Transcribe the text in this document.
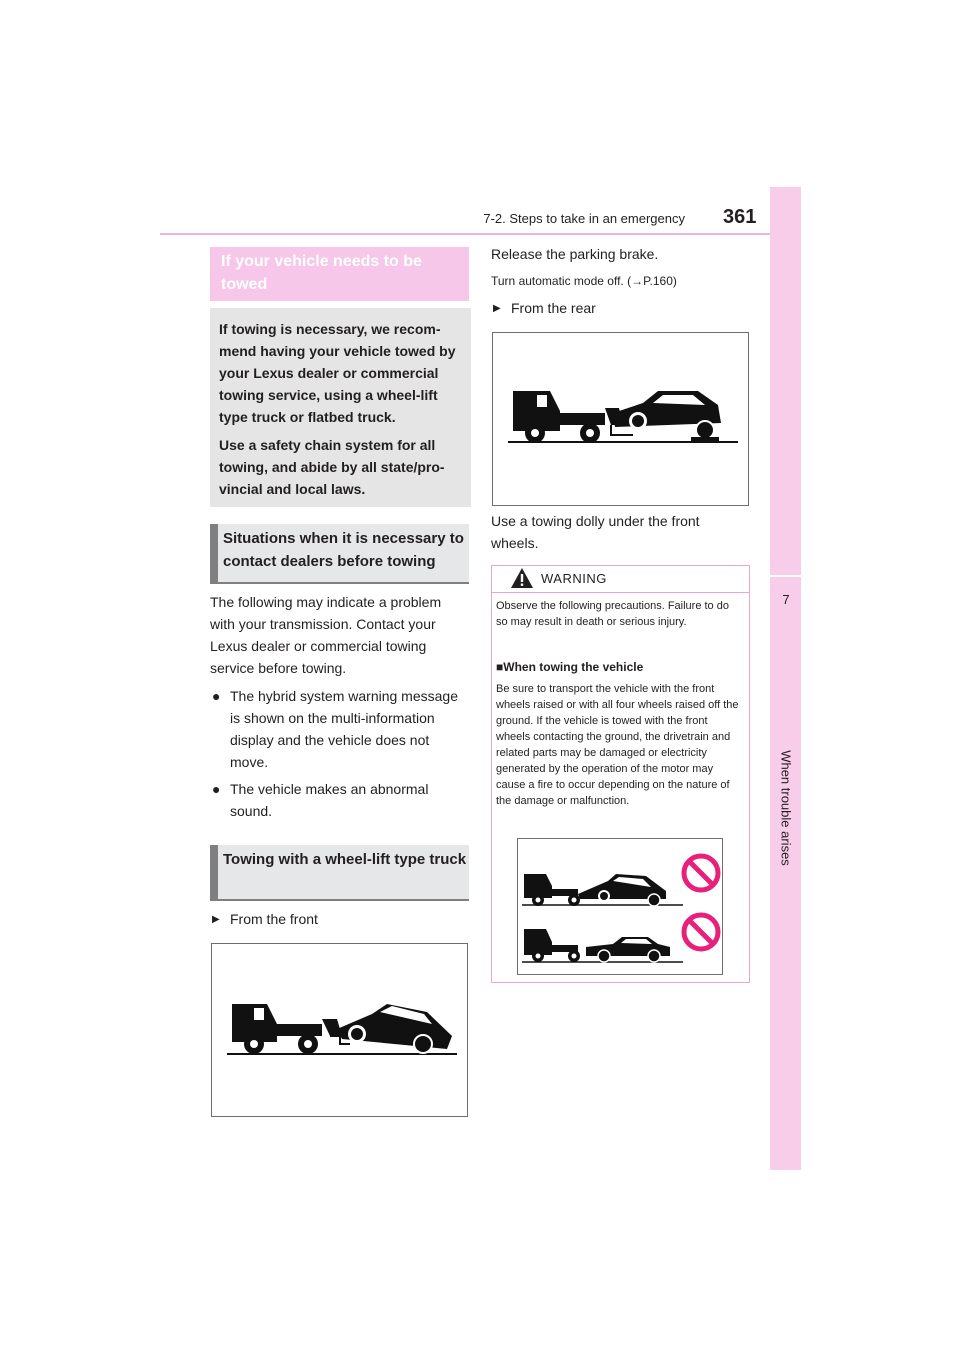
7-2. Steps to take in an emergency 361
7
When trouble arises
If your vehicle needs to be towed

If towing is necessary, we recom-mend having your vehicle towed by your Lexus dealer or commercial towing service, using a wheel-lift type truck or flatbed truck.

Use a safety chain system for all towing, and abide by all state/pro-vincial and local laws.

Situations when it is necessary to contact dealers before towing
The following may indicate a problem with your transmission. Contact your Lexus dealer or commercial towing service before towing.
● The hybrid system warning message is shown on the multi-information display and the vehicle does not move.
● The vehicle makes an abnormal sound.
Towing with a wheel-lift type truck
▶ From the front
Release the parking brake.
Turn automatic mode off. (→P.160)
▶ From the rear
Use a towing dolly under the front wheels.
WARNING
Observe the following precautions. Failure to do so may result in death or serious injury.
■When towing the vehicle
Be sure to transport the vehicle with the front wheels raised or with all four wheels raised off the ground. If the vehicle is towed with the front wheels contacting the ground, the drivetrain and related parts may be damaged or electricity generated by the operation of the motor may cause a fire to occur depending on the nature of the damage or malfunction.
